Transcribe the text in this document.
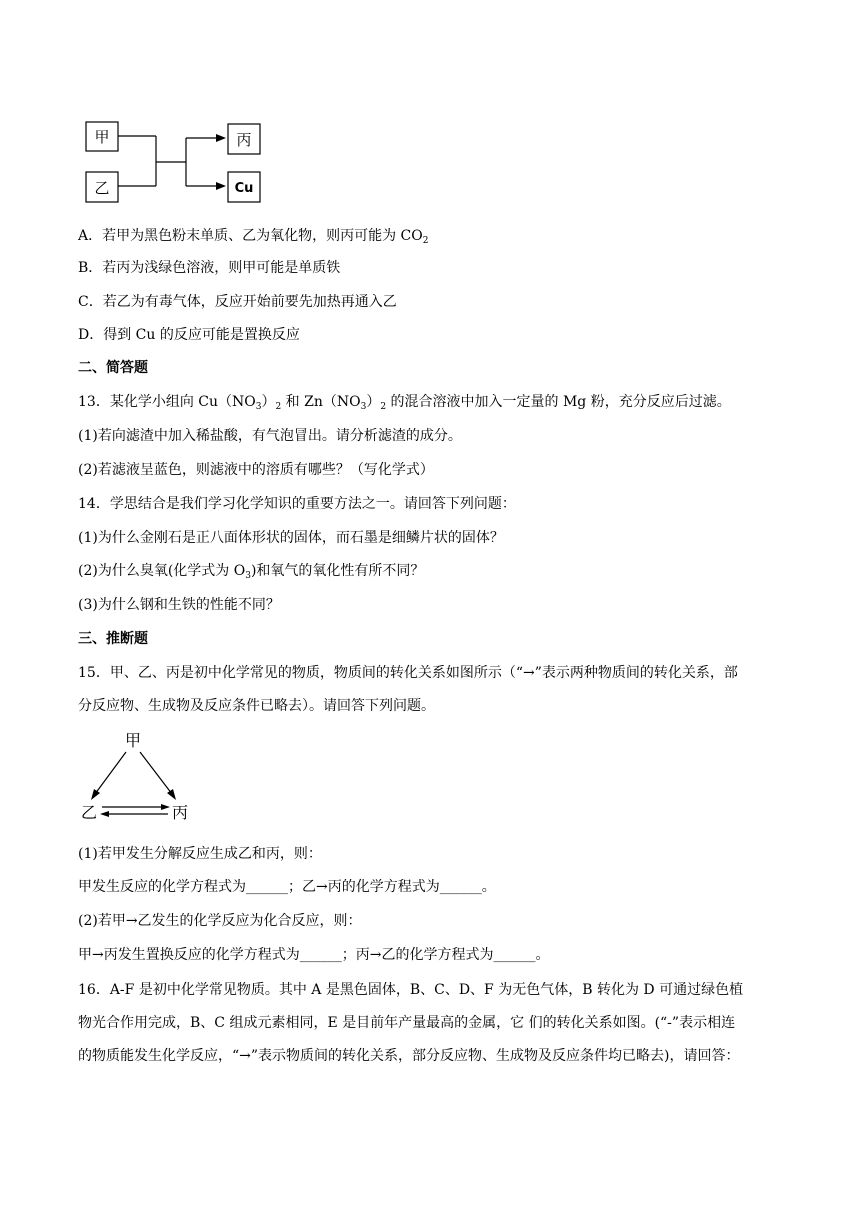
甲
乙
丙
Cu
A．若甲为黑色粉末单质、乙为氧化物，则丙可能为 $CO_2$
B．若丙为浅绿色溶液，则甲可能是单质铁
C．若乙为有毒气体，反应开始前要先加热再通入乙
D．得到 Cu 的反应可能是置换反应
二、简答题
13．某化学小组向 $Cu(NO_3)_2$ 和 $Zn(NO_3)_2$ 的混合溶液中加入一定量的 Mg 粉，充分反应后过滤。
(1)若向滤渣中加入稀盐酸，有气泡冒出。请分析滤渣的成分。
(2)若滤液呈蓝色，则滤液中的溶质有哪些？（写化学式）
14．学思结合是我们学习化学知识的重要方法之一。请回答下列问题：
(1)为什么金刚石是正八面体形状的固体，而石墨是细鳞片状的固体？
(2)为什么臭氧(化学式为 $O_3$)和氧气的氧化性有所不同？
(3)为什么钢和生铁的性能不同？
三、推断题
15．甲、乙、丙是初中化学常见的物质，物质间的转化关系如图所示（“→”表示两种物质间的转化关系，部
分反应物、生成物及反应条件已略去）。请回答下列问题。
甲
乙	丙
(1)若甲发生分解反应生成乙和丙，则：
甲发生反应的化学方程式为______；乙→丙的化学方程式为______。
(2)若甲→乙发生的化学反应为化合反应，则：
甲→丙发生置换反应的化学方程式为______；丙→乙的化学方程式为______。
16．A-F 是初中化学常见物质。其中 A 是黑色固体，B、C、D、F 为无色气体，B 转化为 D 可通过绿色植
物光合作用完成，B、C 组成元素相同，E 是目前年产量最高的金属，它 们的转化关系如图。(“-”表示相连
的物质能发生化学反应，“→”表示物质间的转化关系，部分反应物、生成物及反应条件均已略去)，请回答：
